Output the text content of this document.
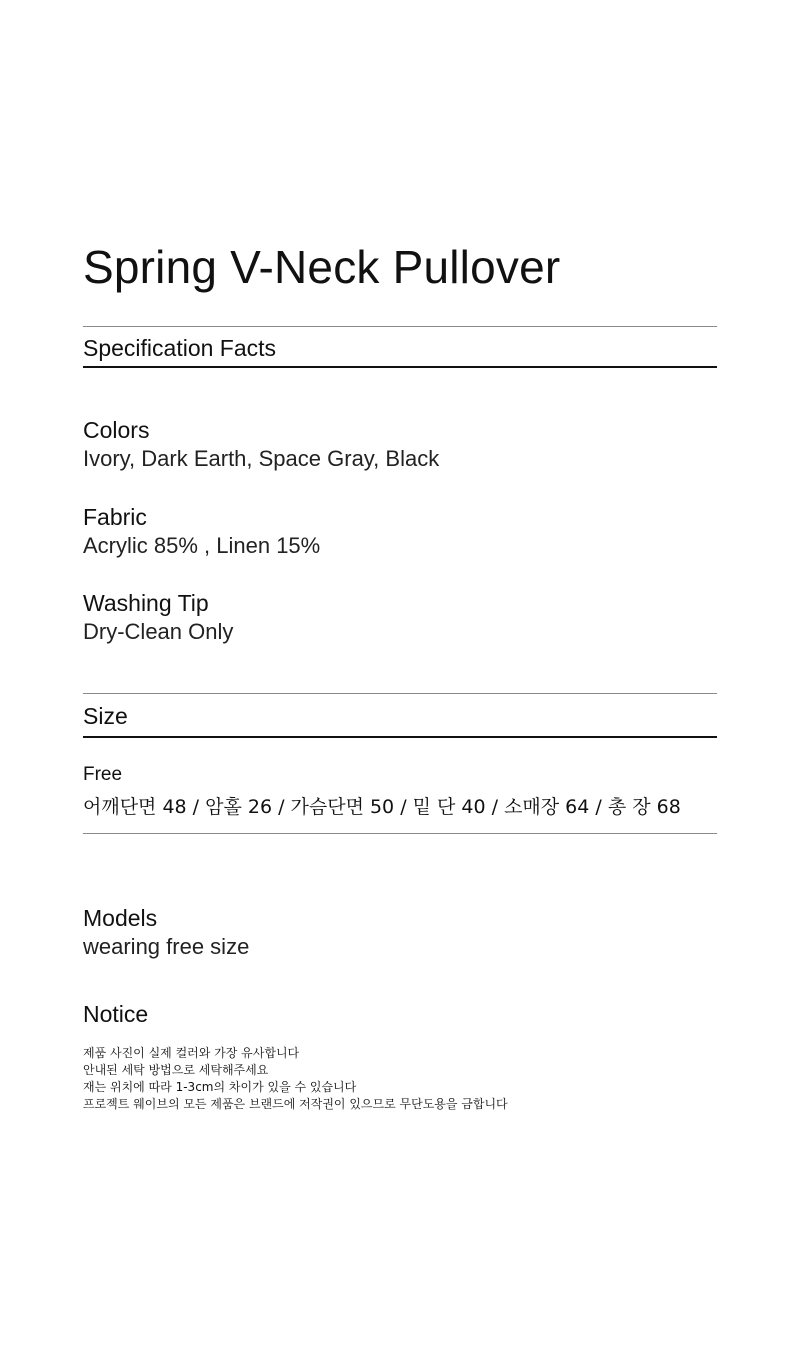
Spring V-Neck Pullover
Specification Facts
Colors
Ivory, Dark Earth, Space Gray, Black
Fabric
Acrylic 85% , Linen 15%
Washing Tip
Dry-Clean Only
Size
Free
어깨단면 48 / 암홀 26 / 가슴단면 50 / 밑 단 40 / 소매장 64 / 총 장 68
Models
wearing free size
Notice
제품 사진이 실제 컬러와 가장 유사합니다
안내된 세탁 방법으로 세탁해주세요
재는 위치에 따라 1-3cm의 차이가 있을 수 있습니다
프로젝트 웨이브의 모든 제품은 브랜드에 저작권이 있으므로 무단도용을 금합니다
